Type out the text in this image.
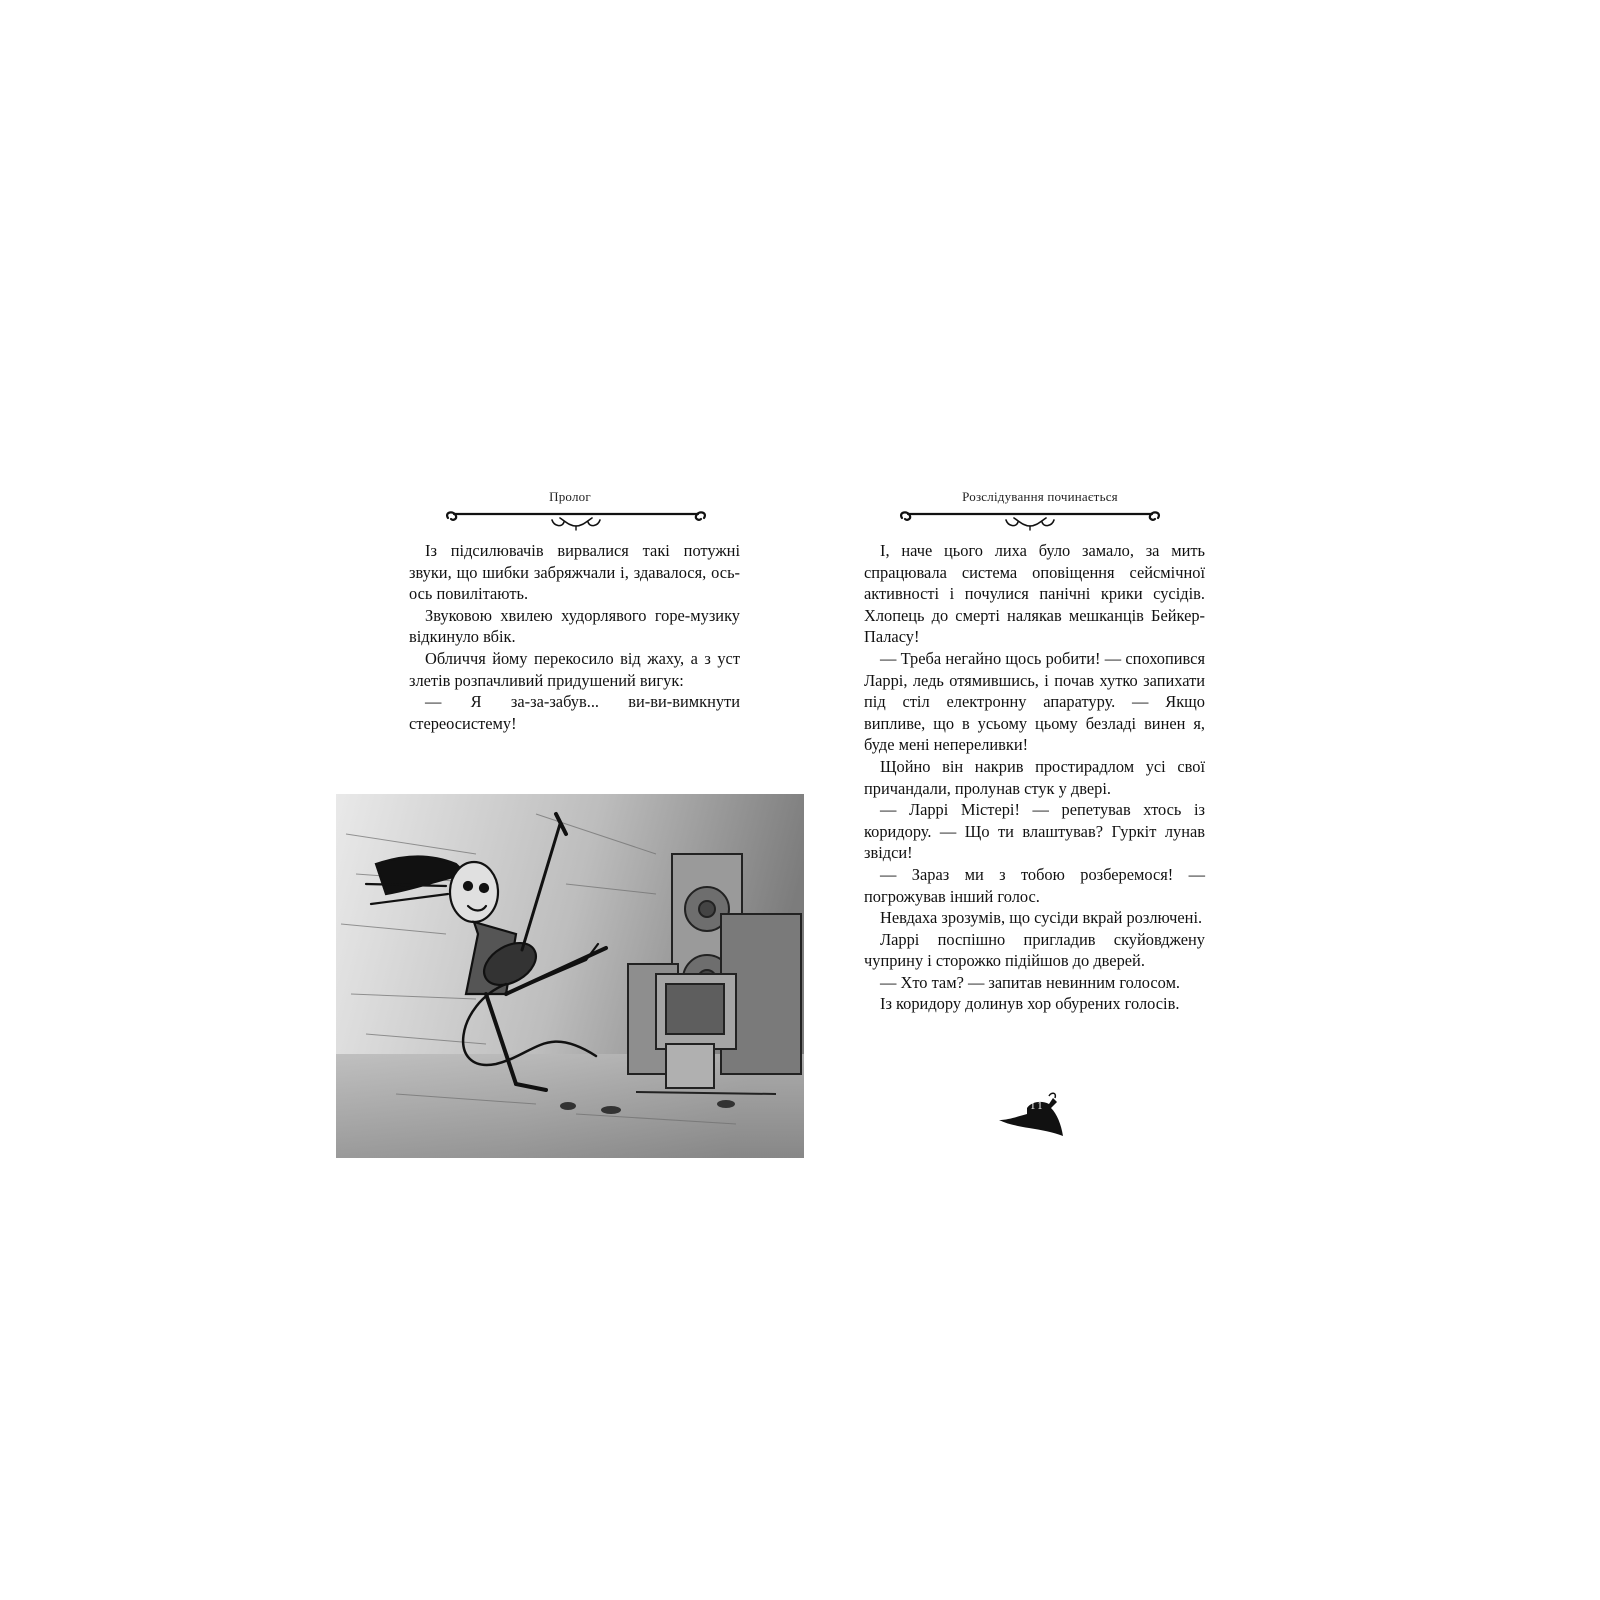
Пролог

Із підсилювачів вирвалися такі потужні звуки, що шибки забряжчали і, здавалося, ось-ось повилітають.

Звуковою хвилею худорлявого горе-музику відкинуло вбік.

Обличчя йому перекосило від жаху, а з уст злетів розпачливий придушений вигук:

— Я за-за-забув... ви-ви-вимкнути стереосистему!

Розслідування починається

І, наче цього лиха було замало, за мить спрацювала система оповіщення сейсмічної активності і почулися панічні крики сусідів. Хлопець до смерті налякав мешканців Бейкер-Паласу!

— Треба негайно щось робити! — спохопився Ларрі, ледь отямившись, і почав хутко запихати під стіл електронну апаратуру. — Якщо випливе, що в усьому цьому безладі винен я, буде мені непереливки!

Щойно він накрив простирадлом усі свої причандали, пролунав стук у двері.

— Ларрі Містері! — репетував хтось із коридору. — Що ти влаштував? Гуркіт лунав звідси!

— Зараз ми з тобою розберемося! — погрожував інший голос.

Невдаха зрозумів, що сусіди вкрай розлючені.

Ларрі поспішно пригладив скуйовджену чуприну і сторожко підійшов до дверей.

— Хто там? — запитав невинним голосом.

Із коридору долинув хор обурених голосів.

11
